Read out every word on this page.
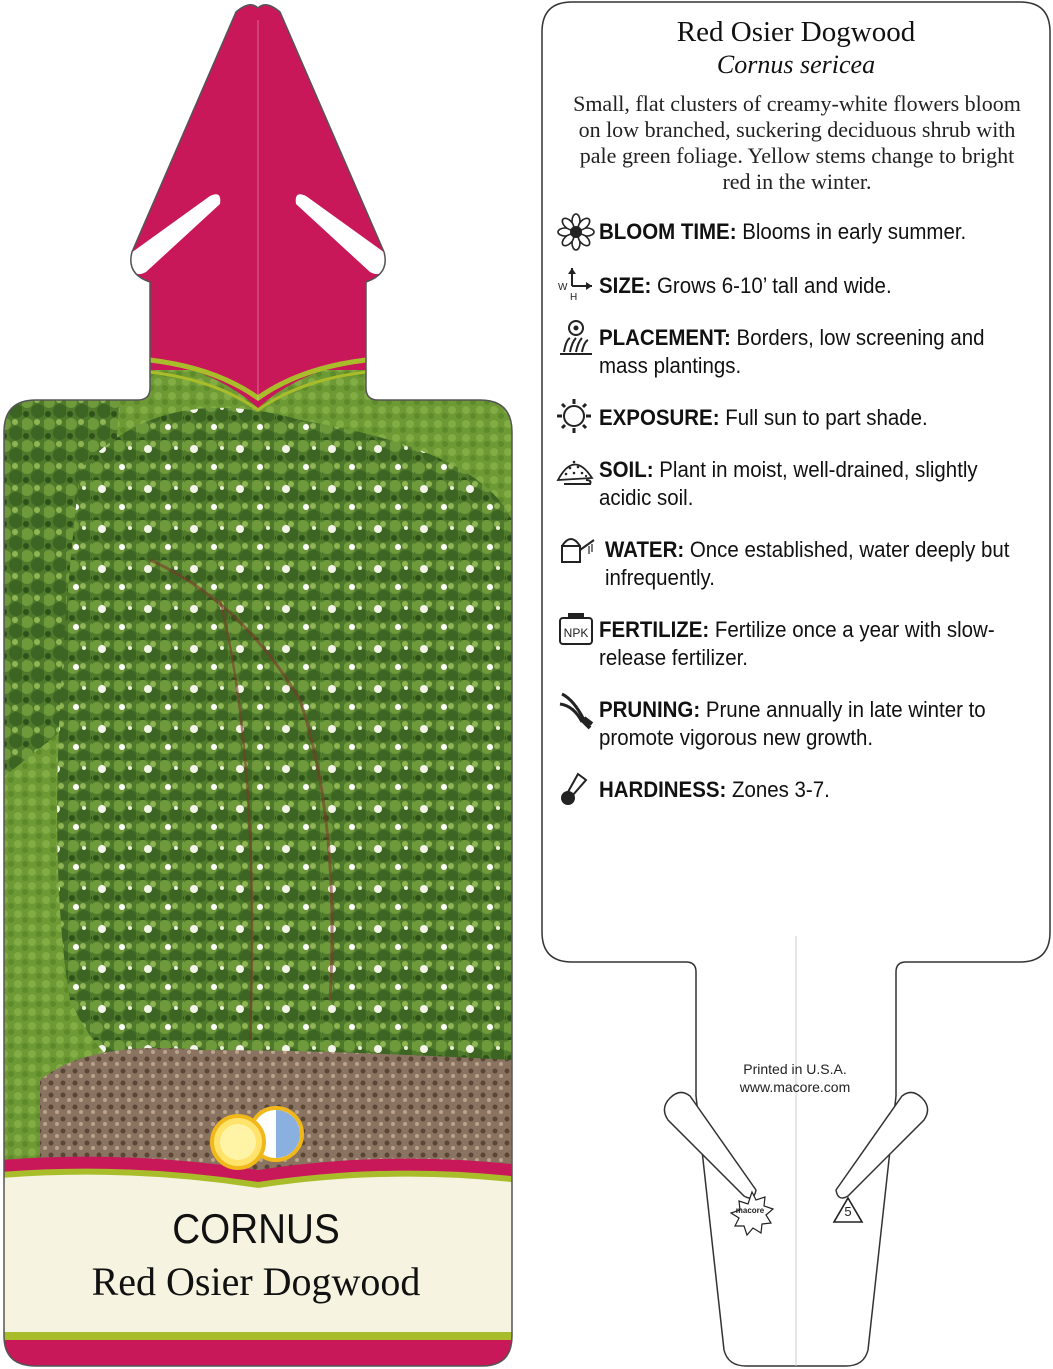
CORNUS
Red Osier Dogwood
Red Osier Dogwood
Cornus sericea
Small, flat clusters of creamy-white flowers bloom on low branched, suckering deciduous shrub with pale green foliage. Yellow stems change to bright red in the winter.
BLOOM TIME: Blooms in early summer.
W
H SIZE: Grows 6-10’ tall and wide.
PLACEMENT: Borders, low screening and mass plantings.
EXPOSURE: Full sun to part shade.
SOIL: Plant in moist, well-drained, slightly acidic soil.
WATER: Once established, water deeply but infrequently.
NPK FERTILIZE: Fertilize once a year with slow-release fertilizer.
PRUNING: Prune annually in late winter to promote vigorous new growth.
HARDINESS: Zones 3-7.
Printed in U.S.A.
www.macore.com
macore	5
